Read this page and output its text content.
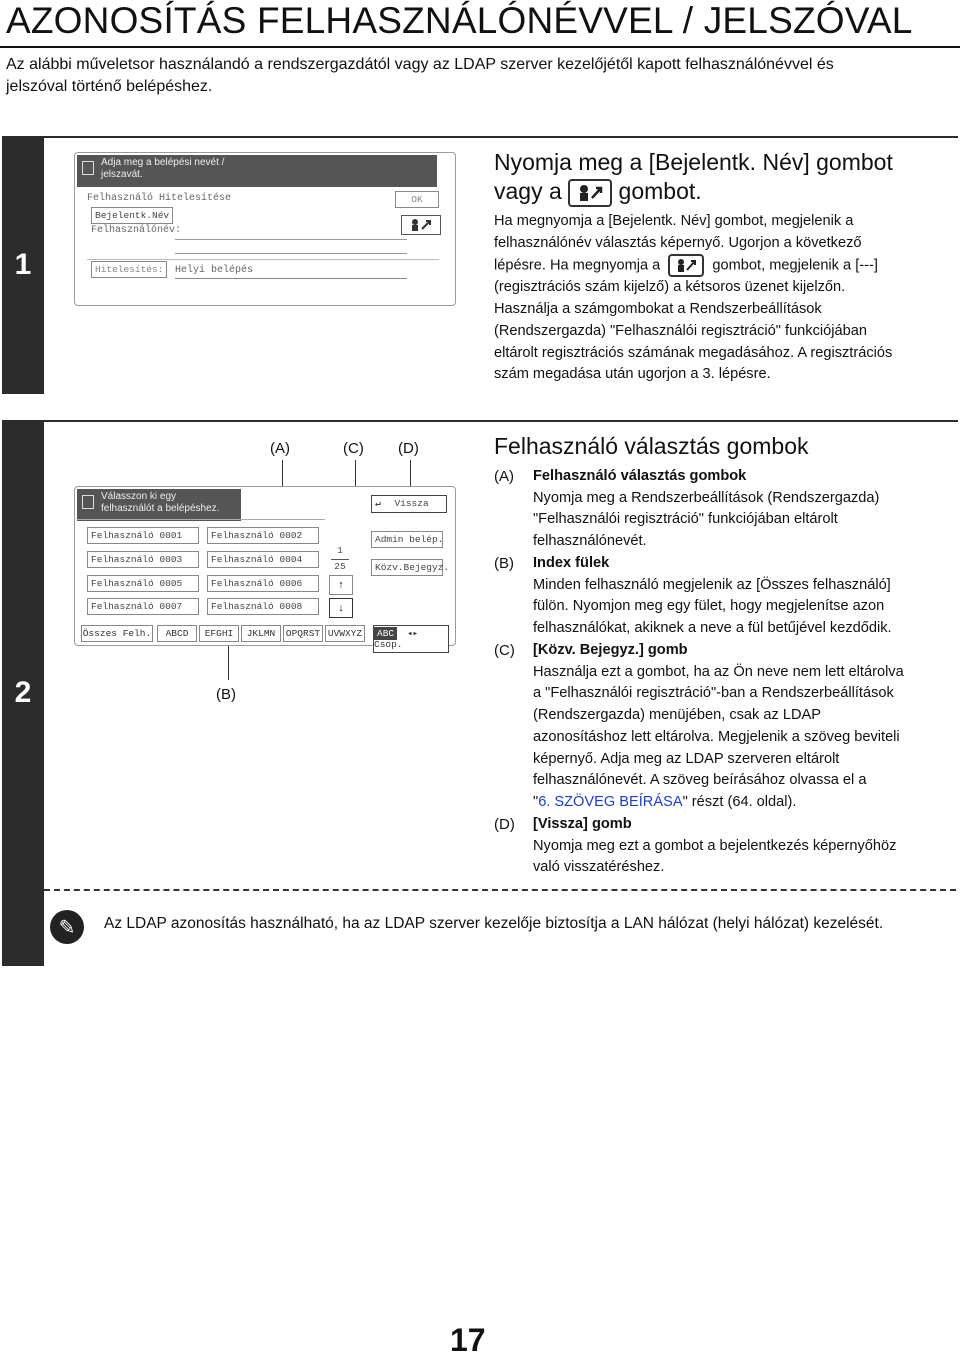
AZONOSÍTÁS FELHASZNÁLÓNÉVVEL / JELSZÓVAL
Az alábbi műveletsor használandó a rendszergazdától vagy az LDAP szerver kezelőjétől kapott felhasználónévvel és
jelszóval történő belépéshez.
1
Adja meg a belépési nevét /
jelszavát.
Felhasználó Hitelesítése	OK
Bejelentk.Név
Felhasználónév:
Hitelesítés:	Helyi belépés
Nyomja meg a [Bejelentk. Név] gombot
vagy a gombot.
Ha megnyomja a [Bejelentk. Név] gombot, megjelenik a
felhasználónév választás képernyő. Ugorjon a következő
lépésre. Ha megnyomja a	gombot, megjelenik a [---]
(regisztrációs szám kijelző) a kétsoros üzenet kijelzőn.
Használja a számgombokat a Rendszerbeállítások
(Rendszergazda) "Felhasználói regisztráció" funkciójában
eltárolt regisztrációs számának megadásához. A regisztrációs
szám megadása után ugorjon a 3. lépésre.
2
(A)	(C) (D)
(B)
Válasszon ki egy
felhasználót a belépéshez.	↵ Vissza
Felhasználó 0001	Felhasználó 0002
Felhasználó 0003	Felhasználó 0004
Felhasználó 0005	Felhasználó 0006
Felhasználó 0007	Felhasználó 0008
1
25
↑
↓
Admin belép.
Közv.Bejegyz.
Összes Felh.	ABCD	EFGHI	JKLMN	OPQRST UVWXYZ	ABC ◂▸ Csop.
Felhasználó választás gombok
(A) Felhasználó választás gombok
Nyomja meg a Rendszerbeállítások (Rendszergazda)
"Felhasználói regisztráció" funkciójában eltárolt
felhasználónevét.
(B) Index fülek
Minden felhasználó megjelenik az [Összes felhasználó]
fülön. Nyomjon meg egy fület, hogy megjelenítse azon
felhasználókat, akiknek a neve a fül betűjével kezdődik.
(C) [Közv. Bejegyz.] gomb
Használja ezt a gombot, ha az Ön neve nem lett eltárolva
a "Felhasználói regisztráció"-ban a Rendszerbeállítások
(Rendszergazda) menüjében, csak az LDAP
azonosításhoz lett eltárolva. Megjelenik a szöveg beviteli
képernyő. Adja meg az LDAP szerveren eltárolt
felhasználónevét. A szöveg beírásához olvassa el a
"6. SZÖVEG BEÍRÁSA" részt (64. oldal).
(D) [Vissza] gomb
Nyomja meg ezt a gombot a bejelentkezés képernyőhöz
való visszatéréshez.
✎	Az LDAP azonosítás használható, ha az LDAP szerver kezelője biztosítja a LAN hálózat (helyi hálózat) kezelését.
17
